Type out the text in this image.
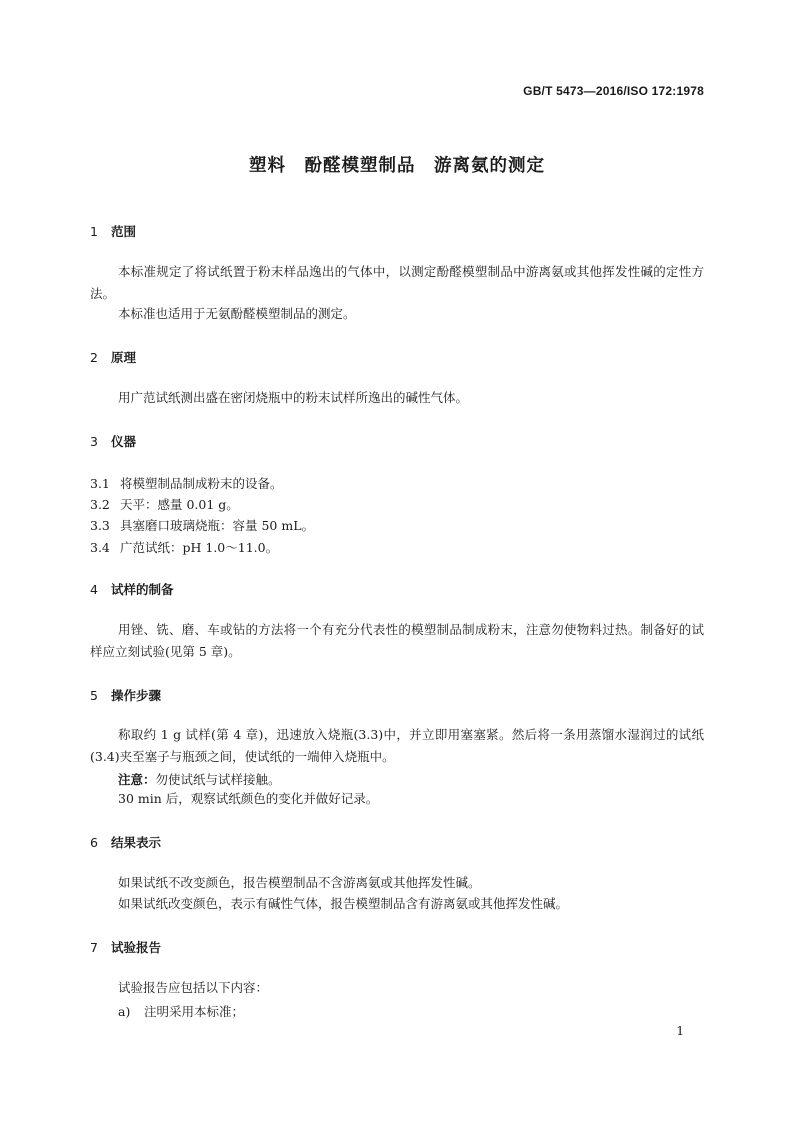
GB/T 5473—2016/ISO 172:1978
塑料　酚醛模塑制品　游离氨的测定
1 范围
本标准规定了将试纸置于粉末样品逸出的气体中，以测定酚醛模塑制品中游离氨或其他挥发性碱的定性方法。
本标准也适用于无氨酚醛模塑制品的测定。
2 原理
用广范试纸测出盛在密闭烧瓶中的粉末试样所逸出的碱性气体。
3 仪器
3.1 将模塑制品制成粉末的设备。
3.2 天平：感量 0.01 g。
3.3 具塞磨口玻璃烧瓶：容量 50 mL。
3.4 广范试纸：pH 1.0～11.0。
4 试样的制备
用锉、铣、磨、车或钻的方法将一个有充分代表性的模塑制品制成粉末，注意勿使物料过热。制备好的试样应立刻试验(见第 5 章)。
5 操作步骤
称取约 1 g 试样(第 4 章)，迅速放入烧瓶(3.3)中，并立即用塞塞紧。然后将一条用蒸馏水湿润过的试纸(3.4)夹至塞子与瓶颈之间，使试纸的一端伸入烧瓶中。
注意：勿使试纸与试样接触。
30 min 后，观察试纸颜色的变化并做好记录。
6 结果表示
如果试纸不改变颜色，报告模塑制品不含游离氨或其他挥发性碱。
如果试纸改变颜色，表示有碱性气体，报告模塑制品含有游离氨或其他挥发性碱。
7 试验报告
试验报告应包括以下内容：
a) 注明采用本标准；
1
